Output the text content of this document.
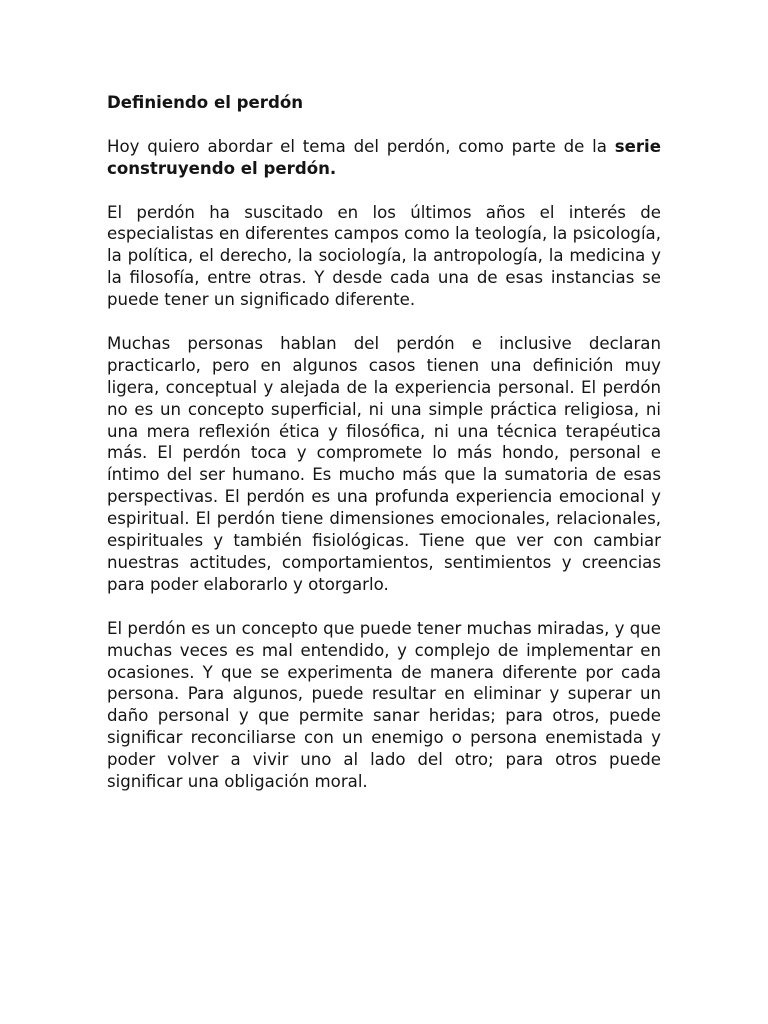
Definiendo el perdón

Hoy quiero abordar el tema del perdón, como parte de la serie construyendo el perdón.

El perdón ha suscitado en los últimos años el interés de especialistas en diferentes campos como la teología, la psicología, la política, el derecho, la sociología, la antropología, la medicina y la filosofía, entre otras. Y desde cada una de esas instancias se puede tener un significado diferente.

Muchas personas hablan del perdón e inclusive declaran practicarlo, pero en algunos casos tienen una definición muy ligera, conceptual y alejada de la experiencia personal. El perdón no es un concepto superficial, ni una simple práctica religiosa, ni una mera reflexión ética y filosófica, ni una técnica terapéutica más. El perdón toca y compromete lo más hondo, personal e íntimo del ser humano. Es mucho más que la sumatoria de esas perspectivas. El perdón es una profunda experiencia emocional y espiritual. El perdón tiene dimensiones emocionales, relacionales, espirituales y también fisiológicas. Tiene que ver con cambiar nuestras actitudes, comportamientos, sentimientos y creencias para poder elaborarlo y otorgarlo.

El perdón es un concepto que puede tener muchas miradas, y que muchas veces es mal entendido, y complejo de implementar en ocasiones. Y que se experimenta de manera diferente por cada persona. Para algunos, puede resultar en eliminar y superar un daño personal y que permite sanar heridas; para otros, puede significar reconciliarse con un enemigo o persona enemistada y poder volver a vivir uno al lado del otro; para otros puede significar una obligación moral.
